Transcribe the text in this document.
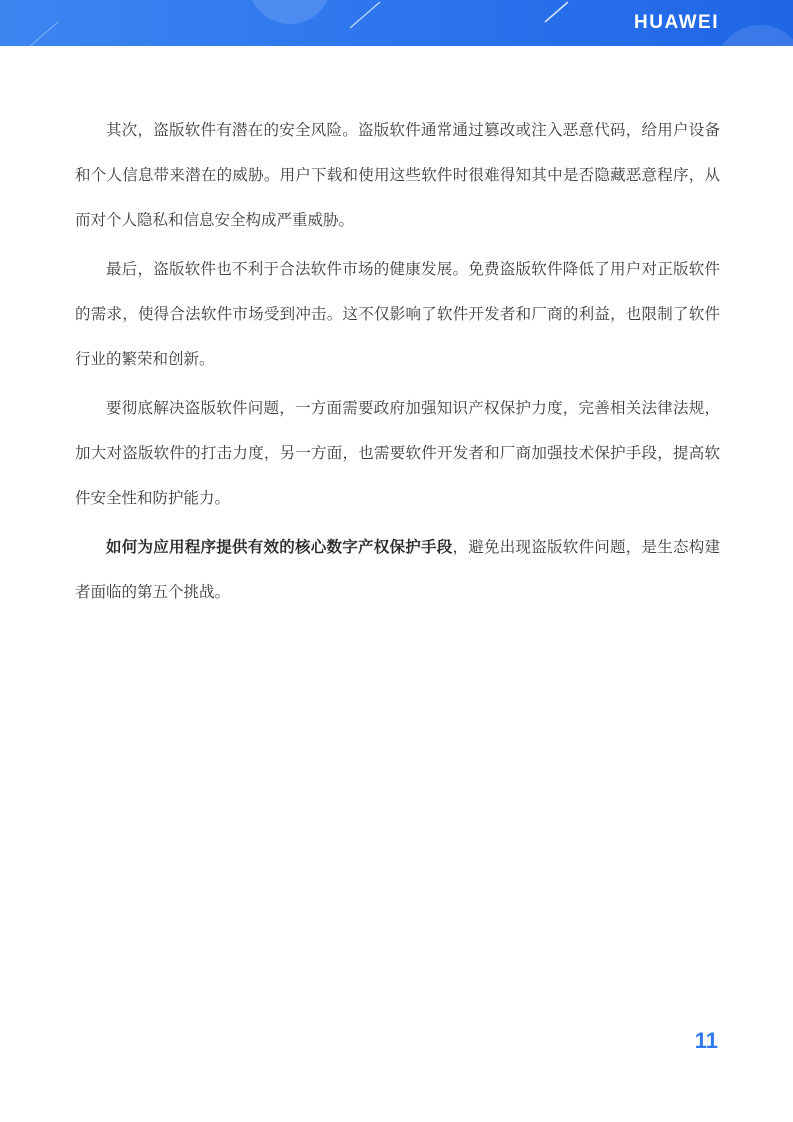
HUAWEI

其次，盗版软件有潜在的安全风险。盗版软件通常通过篡改或注入恶意代码，给用户设备和个人信息带来潜在的威胁。用户下载和使用这些软件时很难得知其中是否隐藏恶意程序，从而对个人隐私和信息安全构成严重威胁。

最后，盗版软件也不利于合法软件市场的健康发展。免费盗版软件降低了用户对正版软件的需求，使得合法软件市场受到冲击。这不仅影响了软件开发者和厂商的利益，也限制了软件行业的繁荣和创新。

要彻底解决盗版软件问题，一方面需要政府加强知识产权保护力度，完善相关法律法规，加大对盗版软件的打击力度，另一方面，也需要软件开发者和厂商加强技术保护手段，提高软件安全性和防护能力。

如何为应用程序提供有效的核心数字产权保护手段，避免出现盗版软件问题，是生态构建者面临的第五个挑战。

11
